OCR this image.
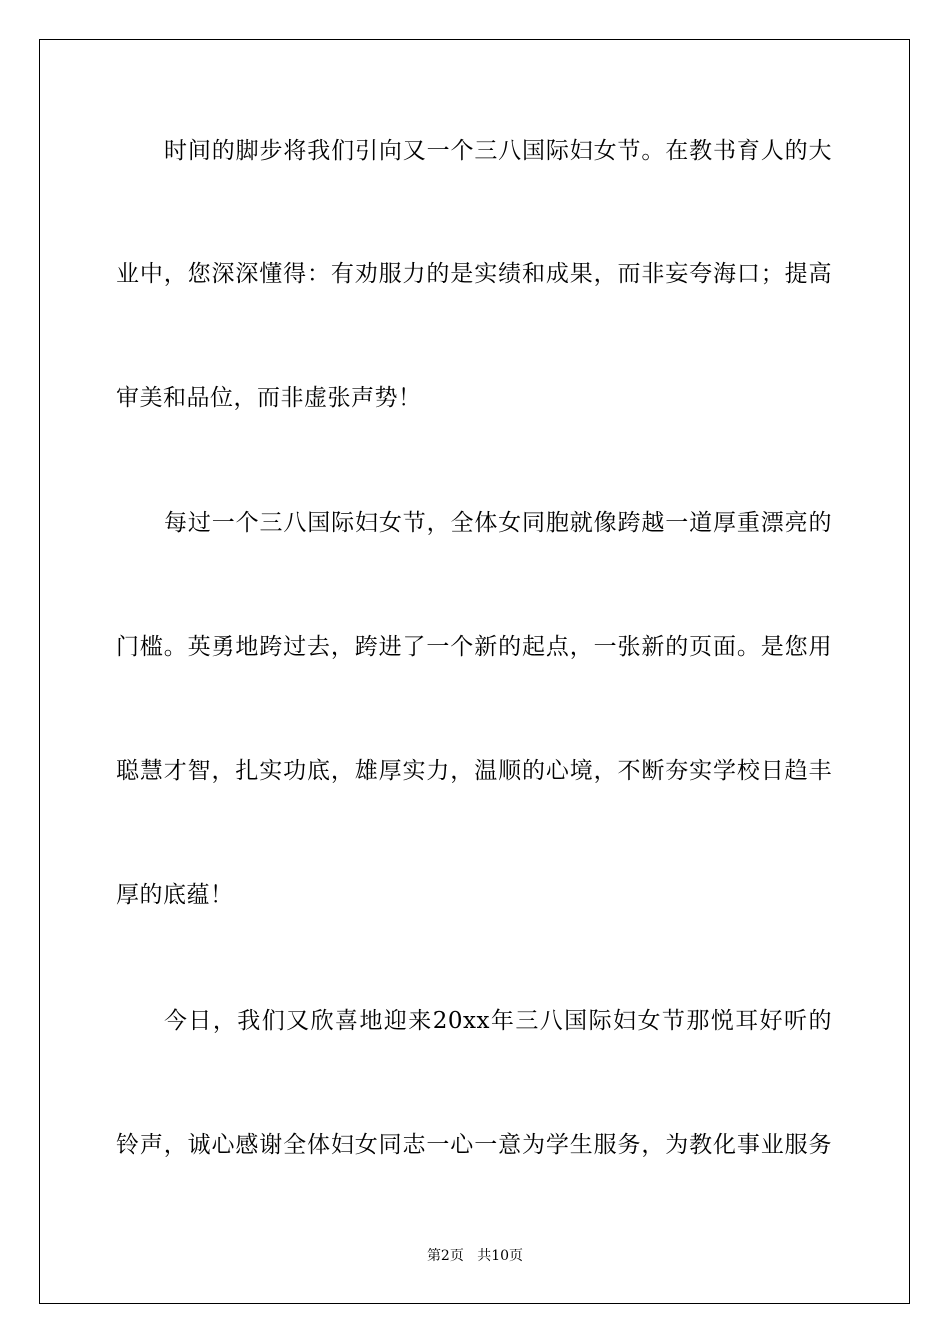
时间的脚步将我们引向又一个三八国际妇女节。在教书育人的大
业中，您深深懂得：有劝服力的是实绩和成果，而非妄夸海口；提高
审美和品位，而非虚张声势！
每过一个三八国际妇女节，全体女同胞就像跨越一道厚重漂亮的
门槛。英勇地跨过去，跨进了一个新的起点，一张新的页面。是您用
聪慧才智，扎实功底，雄厚实力，温顺的心境，不断夯实学校日趋丰
厚的底蕴！
今日，我们又欣喜地迎来20xx年三八国际妇女节那悦耳好听的
铃声，诚心感谢全体妇女同志一心一意为学生服务，为教化事业服务
第2页 共10页
